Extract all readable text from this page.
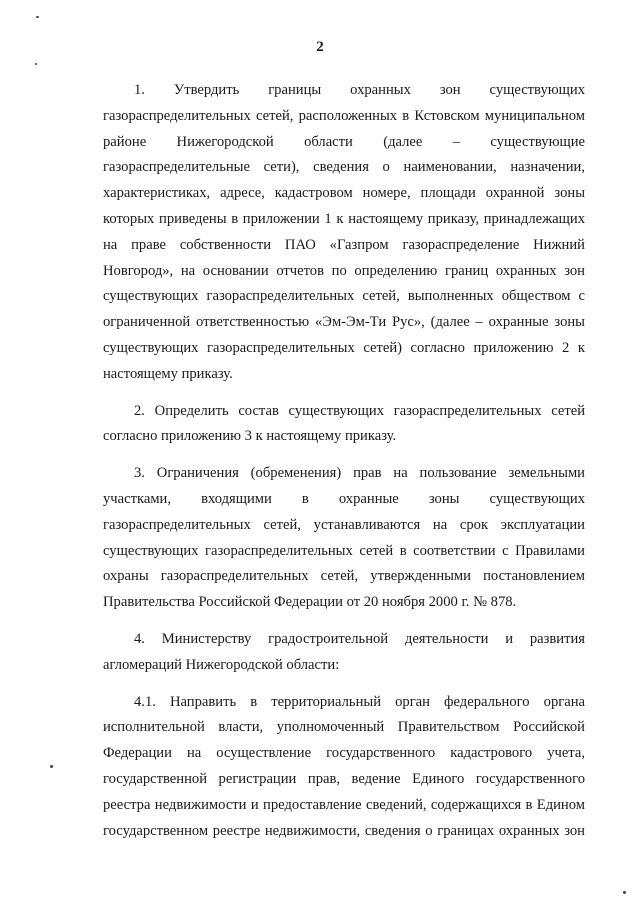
2
1. Утвердить границы охранных зон существующих
газораспределительных сетей, расположенных в Кстовском муниципальном
районе Нижегородской области (далее – существующие
газораспределительные сети), сведения о наименовании, назначении,
характеристиках, адресе, кадастровом номере, площади охранной зоны
которых приведены в приложении 1 к настоящему приказу, принадлежащих
на праве собственности ПАО «Газпром газораспределение Нижний
Новгород», на основании отчетов по определению границ охранных зон
существующих газораспределительных сетей, выполненных обществом с
ограниченной ответственностью «Эм-Эм-Ти Рус», (далее – охранные зоны
существующих газораспределительных сетей) согласно приложению 2 к
настоящему приказу.
2. Определить состав существующих газораспределительных сетей
согласно приложению 3 к настоящему приказу.
3. Ограничения (обременения) прав на пользование земельными
участками, входящими в охранные зоны существующих
газораспределительных сетей, устанавливаются на срок эксплуатации
существующих газораспределительных сетей в соответствии с Правилами
охраны газораспределительных сетей, утвержденными постановлением
Правительства Российской Федерации от 20 ноября 2000 г. № 878.
4. Министерству градостроительной деятельности и развития
агломераций Нижегородской области:
4.1. Направить в территориальный орган федерального органа
исполнительной власти, уполномоченный Правительством Российской
Федерации на осуществление государственного кадастрового учета,
государственной регистрации прав, ведение Единого государственного
реестра недвижимости и предоставление сведений, содержащихся в Едином
государственном реестре недвижимости, сведения о границах охранных зон
